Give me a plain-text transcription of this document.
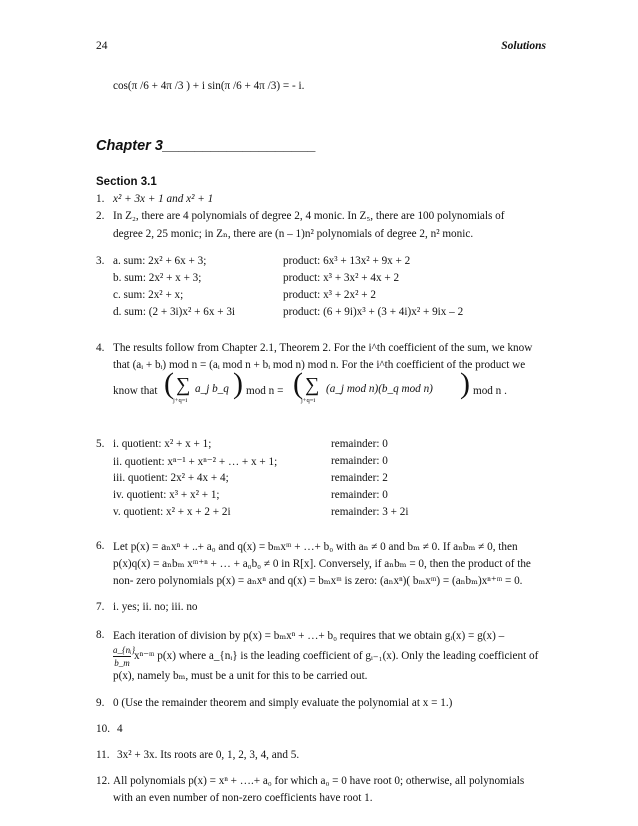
24	Solutions
cos(π /6 + 4π /3 ) + i sin(π /6 + 4π /3) = - i.
Chapter 3___________________
Section 3.1
1. x² + 3x + 1 and x² + 1
2. In Z₂, there are 4 polynomials of degree 2, 4 monic. In Z₅, there are 100 polynomials of
degree 2, 25 monic; in Zₙ, there are (n – 1)n² polynomials of degree 2, n² monic.
3. a. sum: 2x² + 6x + 3;
b. sum: 2x² + x + 3;
c. sum: 2x² + x;
d. sum: (2 + 3i)x² + 6x + 3i
product: 6x³ + 13x² + 9x + 2
product: x³ + 3x² + 4x + 2
product: x³ + 2x² + 2
product: (6 + 9i)x³ + (3 + 4i)x² + 9ix – 2
4. The results follow from Chapter 2.1, Theorem 2. For the i^th coefficient of the sum, we know
that (aᵢ + bᵢ) mod n = (aᵢ mod n + bᵢ mod n) mod n. For the i^th coefficient of the product we
know that ( ∑
j+q=i
a_j b_q ) mod n = ( ∑
j+q=i
(a_j mod n)(b_q mod n) ) mod n .
5. i. quotient: x² + x + 1;
ii. quotient: xⁿ⁻¹ + xⁿ⁻² + … + x + 1;
iii. quotient: 2x² + 4x + 4;
iv. quotient: x³ + x² + 1;
v. quotient: x² + x + 2 + 2i
remainder: 0
remainder: 0
remainder: 2
remainder: 0
remainder: 3 + 2i
6. Let p(x) = aₙxⁿ + ..+ a₀ and q(x) = bₘxᵐ + …+ b₀ with aₙ ≠ 0 and bₘ ≠ 0. If aₙbₘ ≠ 0, then
p(x)q(x) = aₙbₘ xᵐ⁺ⁿ + … + a₀b₀ ≠ 0 in R[x]. Conversely, if aₙbₘ = 0, then the product of the
non- zero polynomials p(x) = aₙxⁿ and q(x) = bₘxᵐ is zero: (aₙxⁿ)( bₘxᵐ) = (aₙbₘ)xⁿ⁺ᵐ = 0.
7. i. yes; ii. no; iii. no
8. Each iteration of division by p(x) = bₘxⁿ + …+ b₀ requires that we obtain gᵢ(x) = g(x) –
$\frac{\text{a\_\{nᵢ\}}}{b\_m}$ xⁿ⁻ᵐ p(x) where a_{nᵢ} is the leading coefficient of gᵢ₋₁(x). Only the leading coefficient of
p(x), namely bₘ, must be a unit for this to be carried out.
9. 0 (Use the remainder theorem and simply evaluate the polynomial at x = 1.)
10. 4
11. 3x² + 3x. Its roots are 0, 1, 2, 3, 4, and 5.
12. All polynomials p(x) = xⁿ + ….+ a₀ for which a₀ = 0 have root 0; otherwise, all polynomials
with an even number of non-zero coefficients have root 1.
